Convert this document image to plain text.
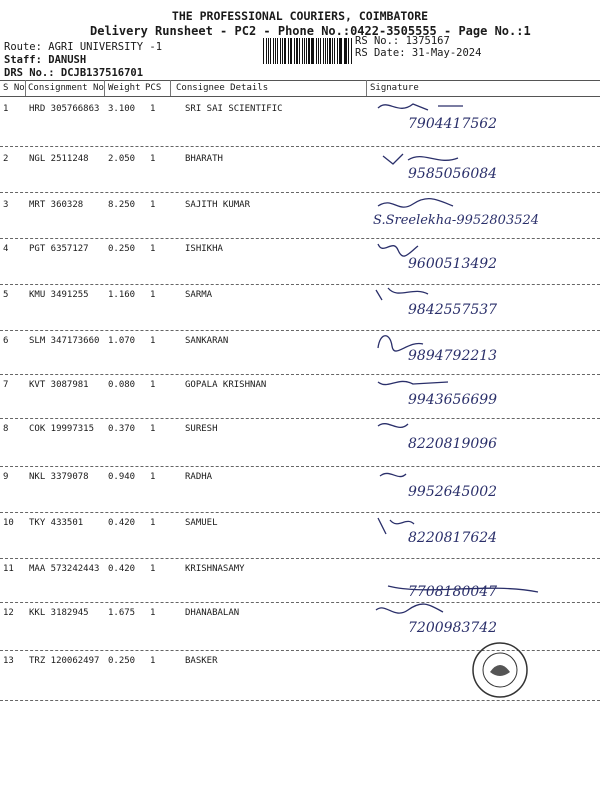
THE PROFESSIONAL COURIERS, COIMBATORE
Delivery Runsheet - PC2 - Phone No.:0422-3505555 - Page No.:1
Route: AGRI UNIVERSITY -1
Staff: DANUSH
DRS No.: DCJB137516701
RS No.: 1375167
RS Date: 31-May-2024
S No Consignment No Weight PCS Consignee Details	Signature
1 HRD 305766863 3.100 1	SRI SAI SCIENTIFIC
7904417562
2 NGL 2511248 2.050 1	BHARATH
9585056084
3 MRT 360328	8.250 1	SAJITH KUMAR
S.Sreelekha-9952803524
4 PGT 6357127 0.250 1	ISHIKHA
9600513492
5 KMU 3491255 1.160 1	SARMA
9842557537
6 SLM 347173660 1.070 1	SANKARAN
9894792213
7 KVT 3087981 0.080 1	GOPALA KRISHNAN
9943656699
8 COK 19997315 0.370 1	SURESH
8220819096
9 NKL 3379078 0.940 1	RADHA
9952645002
10 TKY 433501	0.420 1	SAMUEL
8220817624
11 MAA 573242443 0.420 1	KRISHNASAMY
7708180047
12 KKL 3182945 1.675 1	DHANABALAN
7200983742
13 TRZ 120062497 0.250 1	BASKER
